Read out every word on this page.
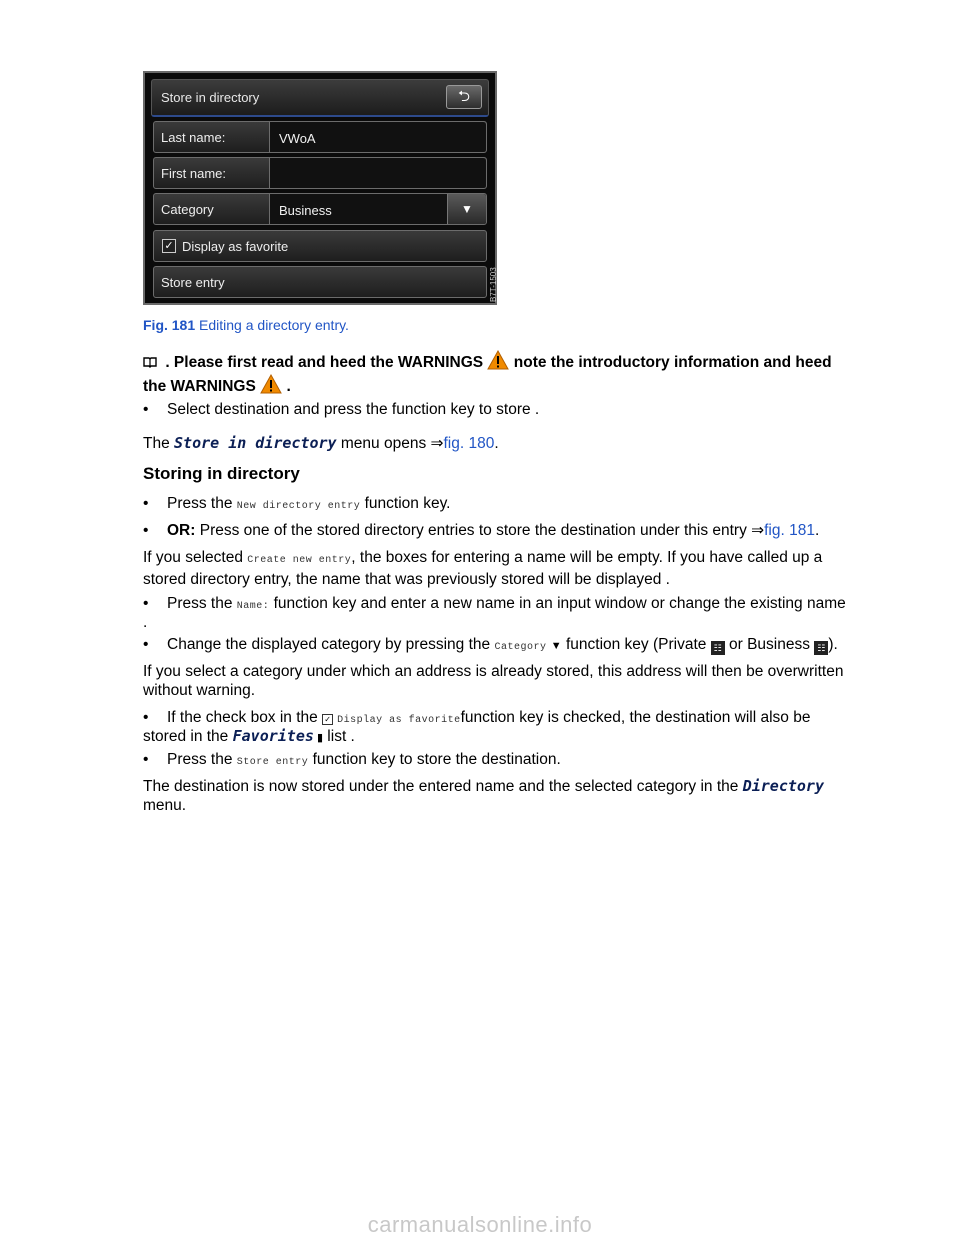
Store in directory	⮌
Last name:	VWoA
First name:
Category	Business	▼
✓ Display as favorite
Store entry	B7T-1503
Fig. 181 Editing a directory entry.
. Please first read and heed the WARNINGS note the introductory information and heed
the WARNINGS .
• Select destination and press the function key to store .
The Store in directory menu opens ⇒fig. 180.
Storing in directory
• Press the New directory entry function key.
• OR: Press one of the stored directory entries to store the destination under this entry ⇒fig. 181.
If you selected Create new entry, the boxes for entering a name will be empty. If you have called up a
stored directory entry, the name that was previously stored will be displayed .
• Press the Name: function key and enter a new name in an input window or change the existing name
.
• Change the displayed category by pressing the Category ▼ function key (Private ☷ or Business ☷ ).
If you select a category under which an address is already stored, this address will then be overwritten
without warning.
• If the check box in the ✓ Display as favoritefunction key is checked, the destination will also be
stored in the Favorites ▮ list .
• Press the Store entry function key to store the destination.
The destination is now stored under the entered name and the selected category in the Directory
menu.
carmanualsonline.info
